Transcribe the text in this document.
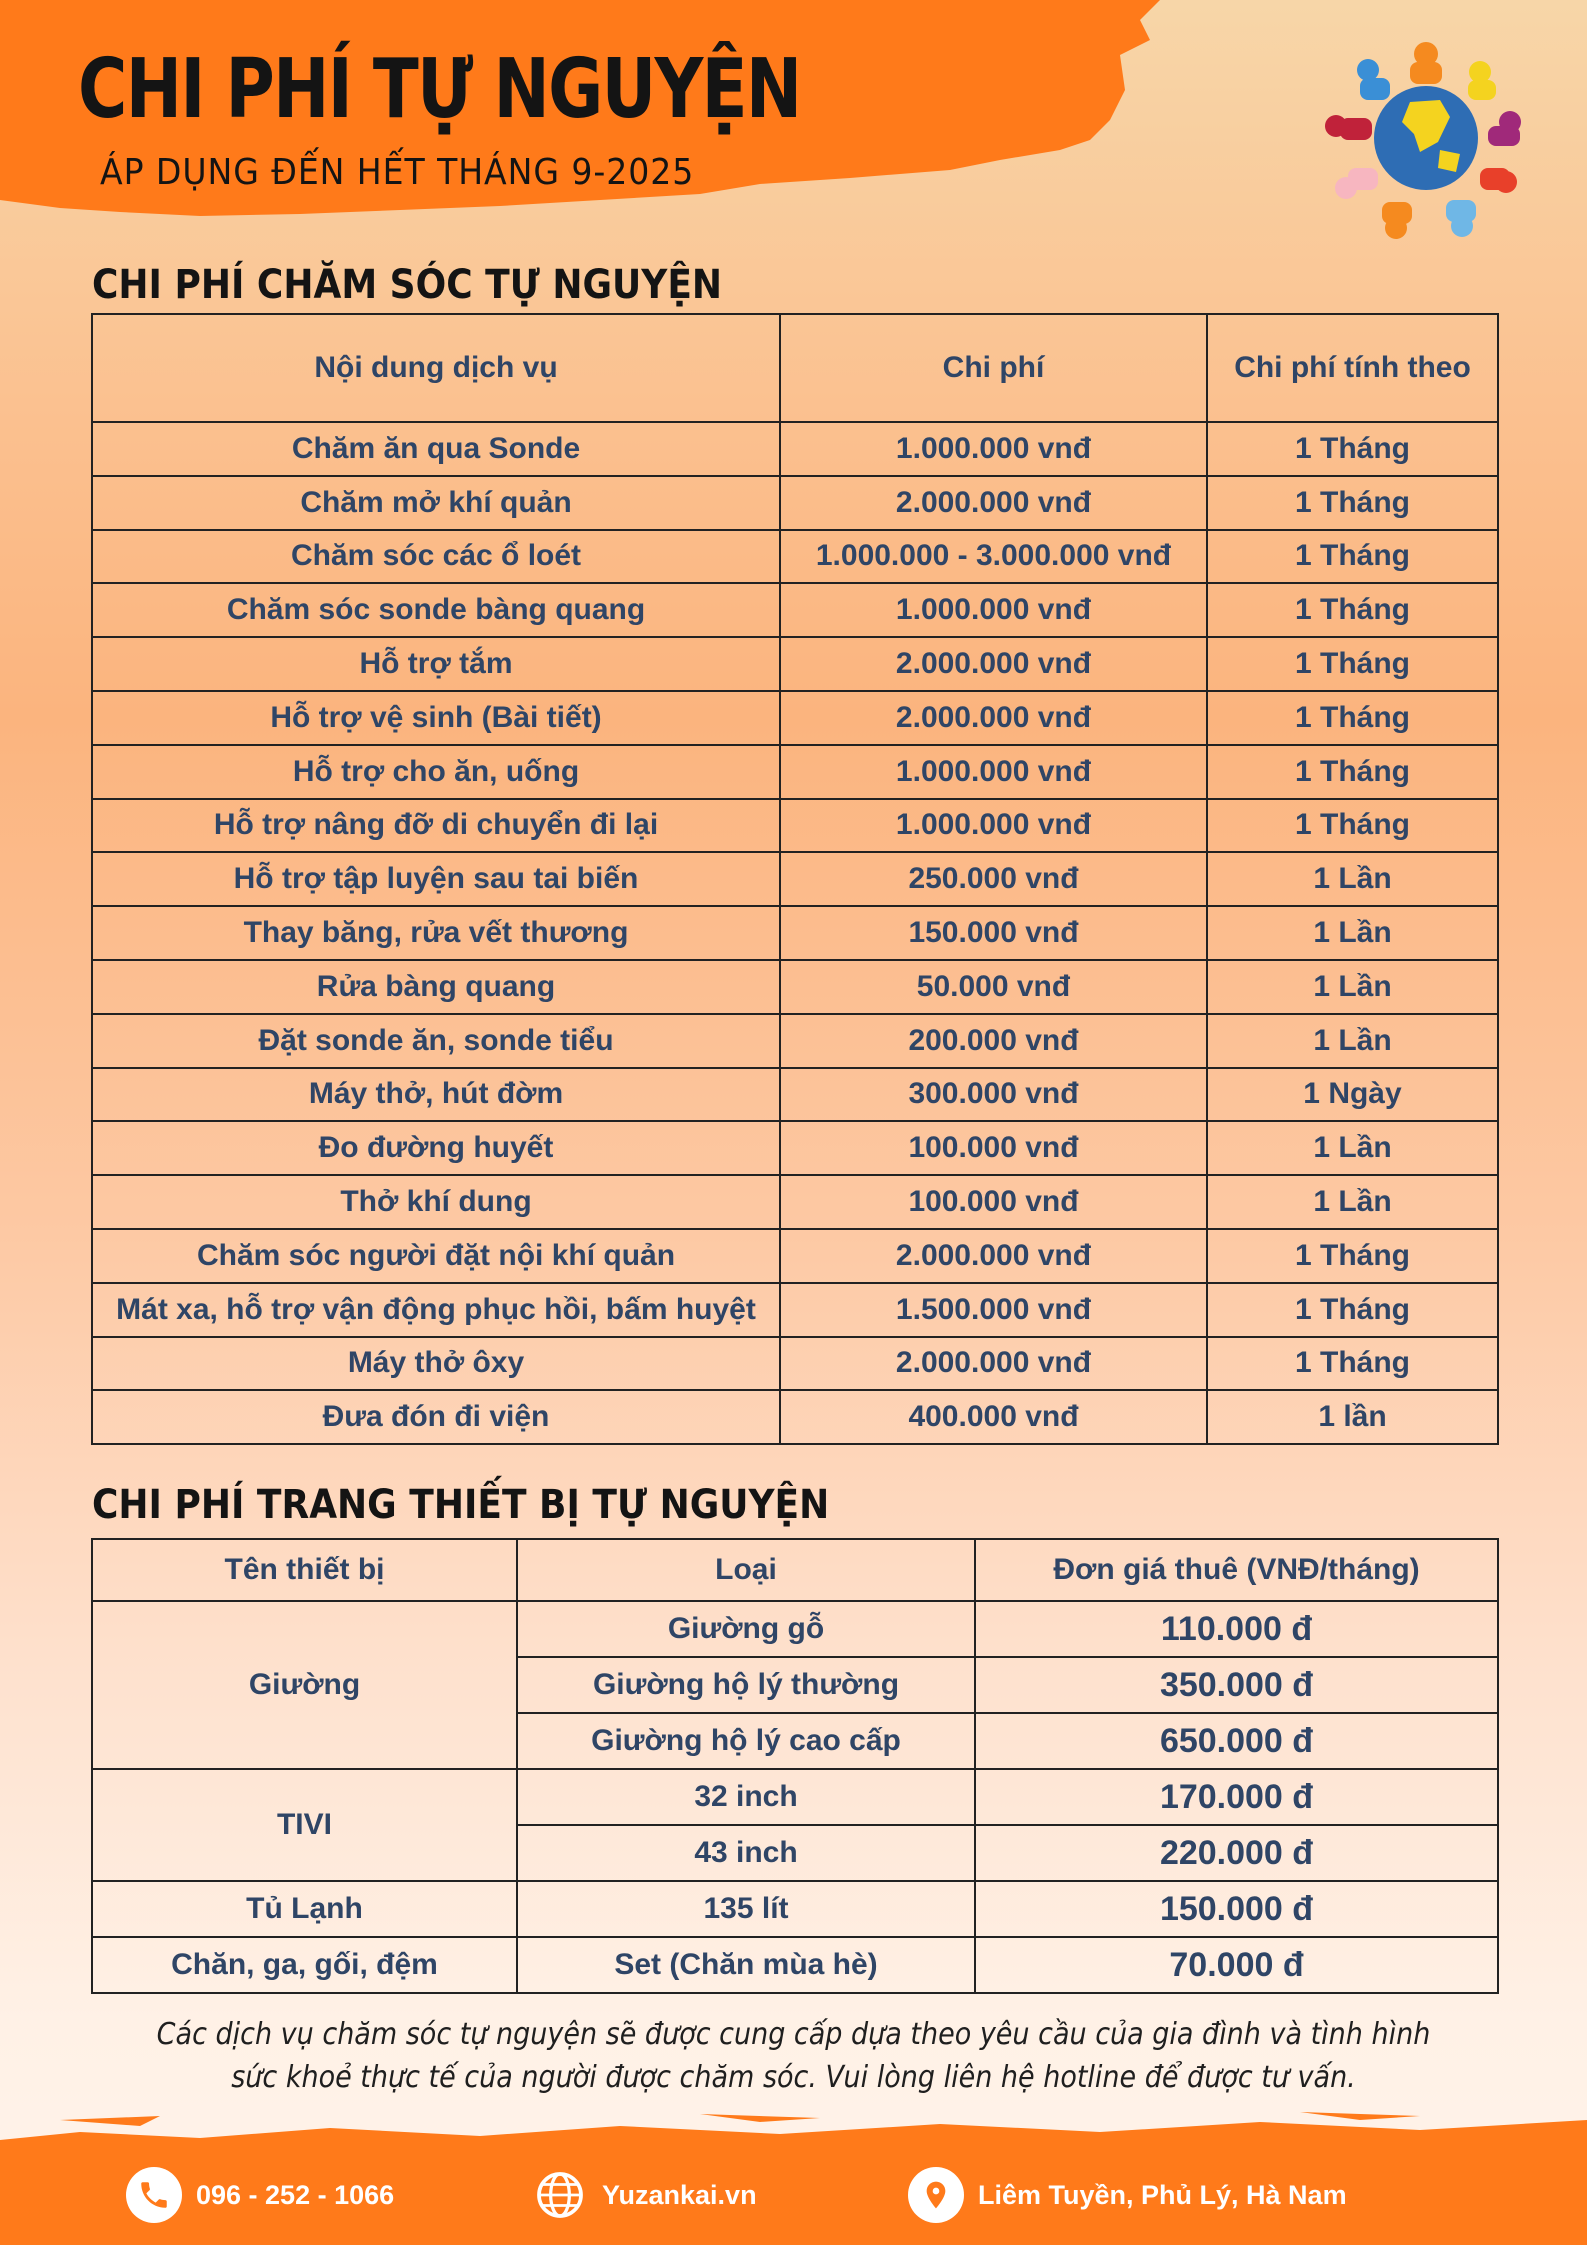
CHI PHÍ TỰ NGUYỆN
ÁP DỤNG ĐẾN HẾT THÁNG 9-2025
CHI PHÍ CHĂM SÓC TỰ NGUYỆN
Nội dung dịch vụ	Chi phí	Chi phí tính theo
Chăm ăn qua Sonde	1.000.000 vnđ	1 Tháng
Chăm mở khí quản	2.000.000 vnđ	1 Tháng
Chăm sóc các ổ loét	1.000.000 - 3.000.000 vnđ	1 Tháng
Chăm sóc sonde bàng quang	1.000.000 vnđ	1 Tháng
Hỗ trợ tắm	2.000.000 vnđ	1 Tháng
Hỗ trợ vệ sinh (Bài tiết)	2.000.000 vnđ	1 Tháng
Hỗ trợ cho ăn, uống	1.000.000 vnđ	1 Tháng
Hỗ trợ nâng đỡ di chuyển đi lại	1.000.000 vnđ	1 Tháng
Hỗ trợ tập luyện sau tai biến	250.000 vnđ	1 Lần
Thay băng, rửa vết thương	150.000 vnđ	1 Lần
Rửa bàng quang	50.000 vnđ	1 Lần
Đặt sonde ăn, sonde tiểu	200.000 vnđ	1 Lần
Máy thở, hút đờm	300.000 vnđ	1 Ngày
Đo đường huyết	100.000 vnđ	1 Lần
Thở khí dung	100.000 vnđ	1 Lần
Chăm sóc người đặt nội khí quản	2.000.000 vnđ	1 Tháng
Mát xa, hỗ trợ vận động phục hồi, bấm huyệt	1.500.000 vnđ	1 Tháng
Máy thở ôxy	2.000.000 vnđ	1 Tháng
Đưa đón đi viện	400.000 vnđ	1 lần
CHI PHÍ TRANG THIẾT BỊ TỰ NGUYỆN
Tên thiết bị	Loại	Đơn giá thuê (VNĐ/tháng)
Giường	Giường gỗ	110.000 đ
	Giường hộ lý thường	350.000 đ
	Giường hộ lý cao cấp	650.000 đ
TIVI	32 inch	170.000 đ
	43 inch	220.000 đ
Tủ Lạnh	135 lít	150.000 đ
Chăn, ga, gối, đệm	Set (Chăn mùa hè)	70.000 đ
Các dịch vụ chăm sóc tự nguyện sẽ được cung cấp dựa theo yêu cầu của gia đình và tình hình sức khoẻ thực tế của người được chăm sóc. Vui lòng liên hệ hotline để được tư vấn.
096 - 252 - 1066	Yuzankai.vn	Liêm Tuyền, Phủ Lý, Hà Nam
